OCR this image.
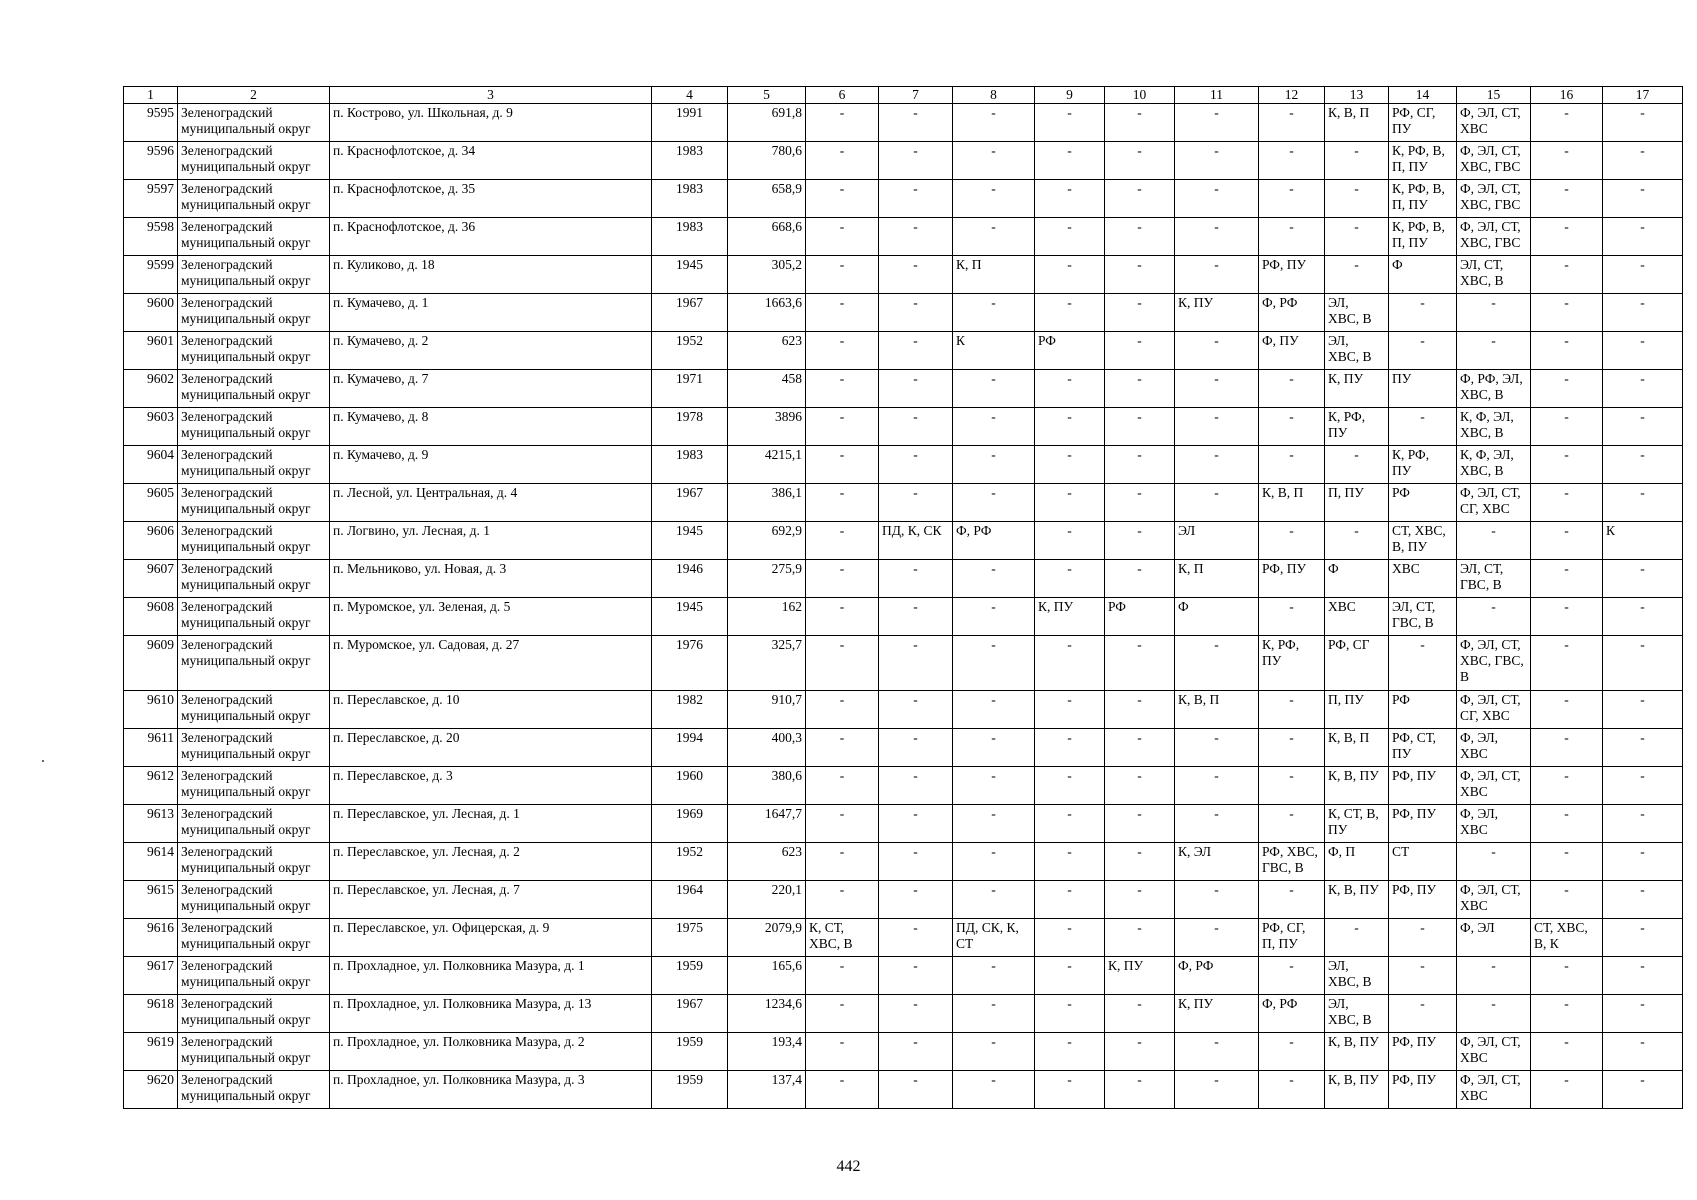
1	2	3	4	5	6	7	8	9	10	11	12	13	14	15	16	17
9595	Зеленоградский
муниципальный округ	п. Кострово, ул. Школьная, д. 9	1991	691,8	-	-	-	-	-	-	-	К, В, П	РФ, СГ,
ПУ	Ф, ЭЛ, СТ,
ХВС	-	-
9596	Зеленоградский
муниципальный округ	п. Краснофлотское, д. 34	1983	780,6	-	-	-	-	-	-	-	-	К, РФ, В,
П, ПУ	Ф, ЭЛ, СТ,
ХВС, ГВС	-	-
9597	Зеленоградский
муниципальный округ	п. Краснофлотское, д. 35	1983	658,9	-	-	-	-	-	-	-	-	К, РФ, В,
П, ПУ	Ф, ЭЛ, СТ,
ХВС, ГВС	-	-
9598	Зеленоградский
муниципальный округ	п. Краснофлотское, д. 36	1983	668,6	-	-	-	-	-	-	-	-	К, РФ, В,
П, ПУ	Ф, ЭЛ, СТ,
ХВС, ГВС	-	-
9599	Зеленоградский
муниципальный округ	п. Куликово, д. 18	1945	305,2	-	-	К, П	-	-	-	РФ, ПУ	-	Ф	ЭЛ, СТ,
ХВС, В	-	-
9600	Зеленоградский
муниципальный округ	п. Кумачево, д. 1	1967	1663,6	-	-	-	-	-	К, ПУ	Ф, РФ	ЭЛ,
ХВС, В	-	-	-	-
9601	Зеленоградский
муниципальный округ	п. Кумачево, д. 2	1952	623	-	-	К	РФ	-	-	Ф, ПУ	ЭЛ,
ХВС, В	-	-	-	-
9602	Зеленоградский
муниципальный округ	п. Кумачево, д. 7	1971	458	-	-	-	-	-	-	-	К, ПУ	ПУ	Ф, РФ, ЭЛ,
ХВС, В	-	-
9603	Зеленоградский
муниципальный округ	п. Кумачево, д. 8	1978	3896	-	-	-	-	-	-	-	К, РФ,
ПУ	-	К, Ф, ЭЛ,
ХВС, В	-	-
9604	Зеленоградский
муниципальный округ	п. Кумачево, д. 9	1983	4215,1	-	-	-	-	-	-	-	-	К, РФ,
ПУ	К, Ф, ЭЛ,
ХВС, В	-	-
9605	Зеленоградский
муниципальный округ	п. Лесной, ул. Центральная, д. 4	1967	386,1	-	-	-	-	-	-	К, В, П	П, ПУ	РФ	Ф, ЭЛ, СТ,
СГ, ХВС	-	-
9606	Зеленоградский
муниципальный округ	п. Логвино, ул. Лесная, д. 1	1945	692,9	-	ПД, К, СК	Ф, РФ	-	-	ЭЛ	-	-	СТ, ХВС,
В, ПУ	-	-	К
9607	Зеленоградский
муниципальный округ	п. Мельниково, ул. Новая, д. 3	1946	275,9	-	-	-	-	-	К, П	РФ, ПУ	Ф	ХВС	ЭЛ, СТ,
ГВС, В	-	-
9608	Зеленоградский
муниципальный округ	п. Муромское, ул. Зеленая, д. 5	1945	162	-	-	-	К, ПУ	РФ	Ф	-	ХВС	ЭЛ, СТ,
ГВС, В	-	-	-
9609	Зеленоградский
муниципальный округ	п. Муромское, ул. Садовая, д. 27	1976	325,7	-	-	-	-	-	-	К, РФ,
ПУ	РФ, СГ	-	Ф, ЭЛ, СТ,
ХВС, ГВС,
В	-	-
9610	Зеленоградский
муниципальный округ	п. Переславское, д. 10	1982	910,7	-	-	-	-	-	К, В, П	-	П, ПУ	РФ	Ф, ЭЛ, СТ,
СГ, ХВС	-	-
9611	Зеленоградский
муниципальный округ	п. Переславское, д. 20	1994	400,3	-	-	-	-	-	-	-	К, В, П	РФ, СТ,
ПУ	Ф, ЭЛ,
ХВС	-	-
9612	Зеленоградский
муниципальный округ	п. Переславское, д. 3	1960	380,6	-	-	-	-	-	-	-	К, В, ПУ	РФ, ПУ	Ф, ЭЛ, СТ,
ХВС	-	-
9613	Зеленоградский
муниципальный округ	п. Переславское, ул. Лесная, д. 1	1969	1647,7	-	-	-	-	-	-	-	К, СТ, В,
ПУ	РФ, ПУ	Ф, ЭЛ,
ХВС	-	-
9614	Зеленоградский
муниципальный округ	п. Переславское, ул. Лесная, д. 2	1952	623	-	-	-	-	-	К, ЭЛ	РФ, ХВС,
ГВС, В	Ф, П	СТ	-	-	-
9615	Зеленоградский
муниципальный округ	п. Переславское, ул. Лесная, д. 7	1964	220,1	-	-	-	-	-	-	-	К, В, ПУ	РФ, ПУ	Ф, ЭЛ, СТ,
ХВС	-	-
9616	Зеленоградский
муниципальный округ	п. Переславское, ул. Офицерская, д. 9	1975	2079,9	К, СТ,
ХВС, В	-	ПД, СК, К,
СТ	-	-	-	РФ, СГ,
П, ПУ	-	-	Ф, ЭЛ	СТ, ХВС,
В, К	-
9617	Зеленоградский
муниципальный округ	п. Прохладное, ул. Полковника Мазура, д. 1	1959	165,6	-	-	-	-	К, ПУ	Ф, РФ	-	ЭЛ,
ХВС, В	-	-	-	-
9618	Зеленоградский
муниципальный округ	п. Прохладное, ул. Полковника Мазура, д. 13	1967	1234,6	-	-	-	-	-	К, ПУ	Ф, РФ	ЭЛ,
ХВС, В	-	-	-	-
9619	Зеленоградский
муниципальный округ	п. Прохладное, ул. Полковника Мазура, д. 2	1959	193,4	-	-	-	-	-	-	-	К, В, ПУ	РФ, ПУ	Ф, ЭЛ, СТ,
ХВС	-	-
9620	Зеленоградский
муниципальный округ	п. Прохладное, ул. Полковника Мазура, д. 3	1959	137,4	-	-	-	-	-	-	-	К, В, ПУ	РФ, ПУ	Ф, ЭЛ, СТ,
ХВС	-	-
442
